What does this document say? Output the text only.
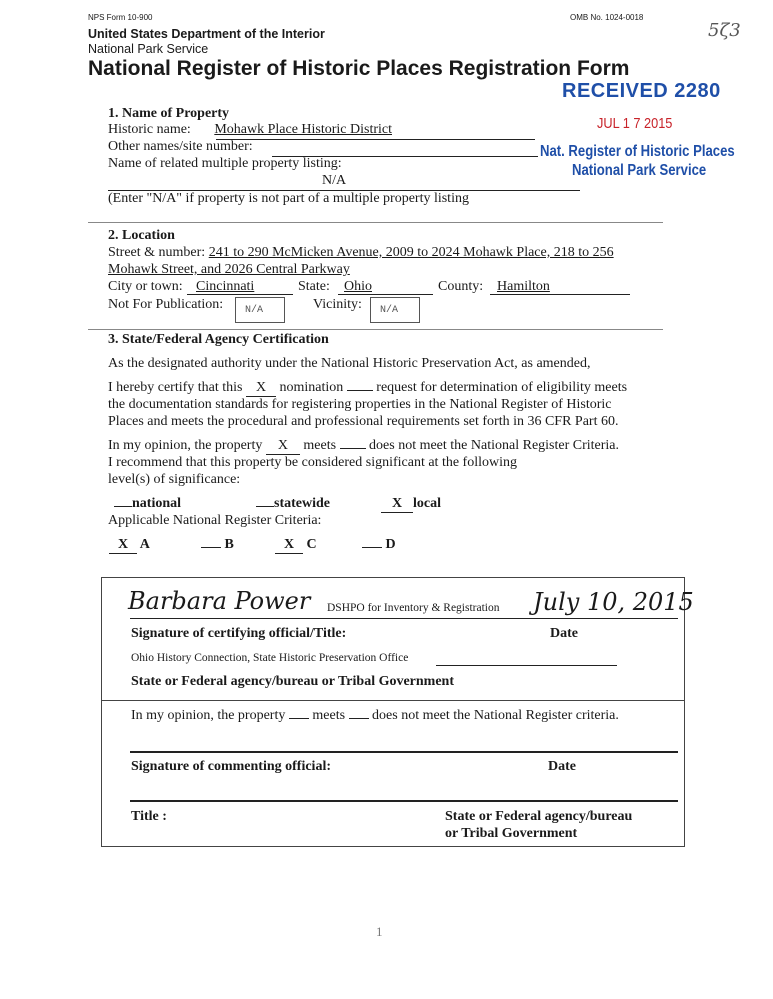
NPS Form 10-900	OMB No. 1024-0018
United States Department of the Interior
National Park Service
National Register of Historic Places Registration Form
5ζ3
RECEIVED 2280
JUL 1 7 2015
Nat. Register of Historic Places
National Park Service
1. Name of Property
Historic name: Mohawk Place Historic District
Other names/site number:
Name of related multiple property listing:
N/A
(Enter "N/A" if property is not part of a multiple property listing
2. Location
Street & number: 241 to 290 McMicken Avenue, 2009 to 2024 Mohawk Place, 218 to 256
Mohawk Street, and 2026 Central Parkway
City or town: Cincinnati	State: Ohio	County: Hamilton
Not For Publication:	N/A	Vicinity:	N/A
3. State/Federal Agency Certification
As the designated authority under the National Historic Preservation Act, as amended,
I hereby certify that this X nomination request for determination of eligibility meets
the documentation standards for registering properties in the National Register of Historic
Places and meets the procedural and professional requirements set forth in 36 CFR Part 60.
In my opinion, the property X meets does not meet the National Register Criteria.
I recommend that this property be considered significant at the following
level(s) of significance:
national	statewide	X local
Applicable National Register Criteria:
X A	B	X C	D
Barbara Power DSHPO for Inventory & Registration July 10, 2015
Signature of certifying official/Title:	Date
Ohio History Connection, State Historic Preservation Office
State or Federal agency/bureau or Tribal Government
In my opinion, the property meets does not meet the National Register criteria.
Signature of commenting official:	Date
Title :	State or Federal agency/bureau
or Tribal Government
1
